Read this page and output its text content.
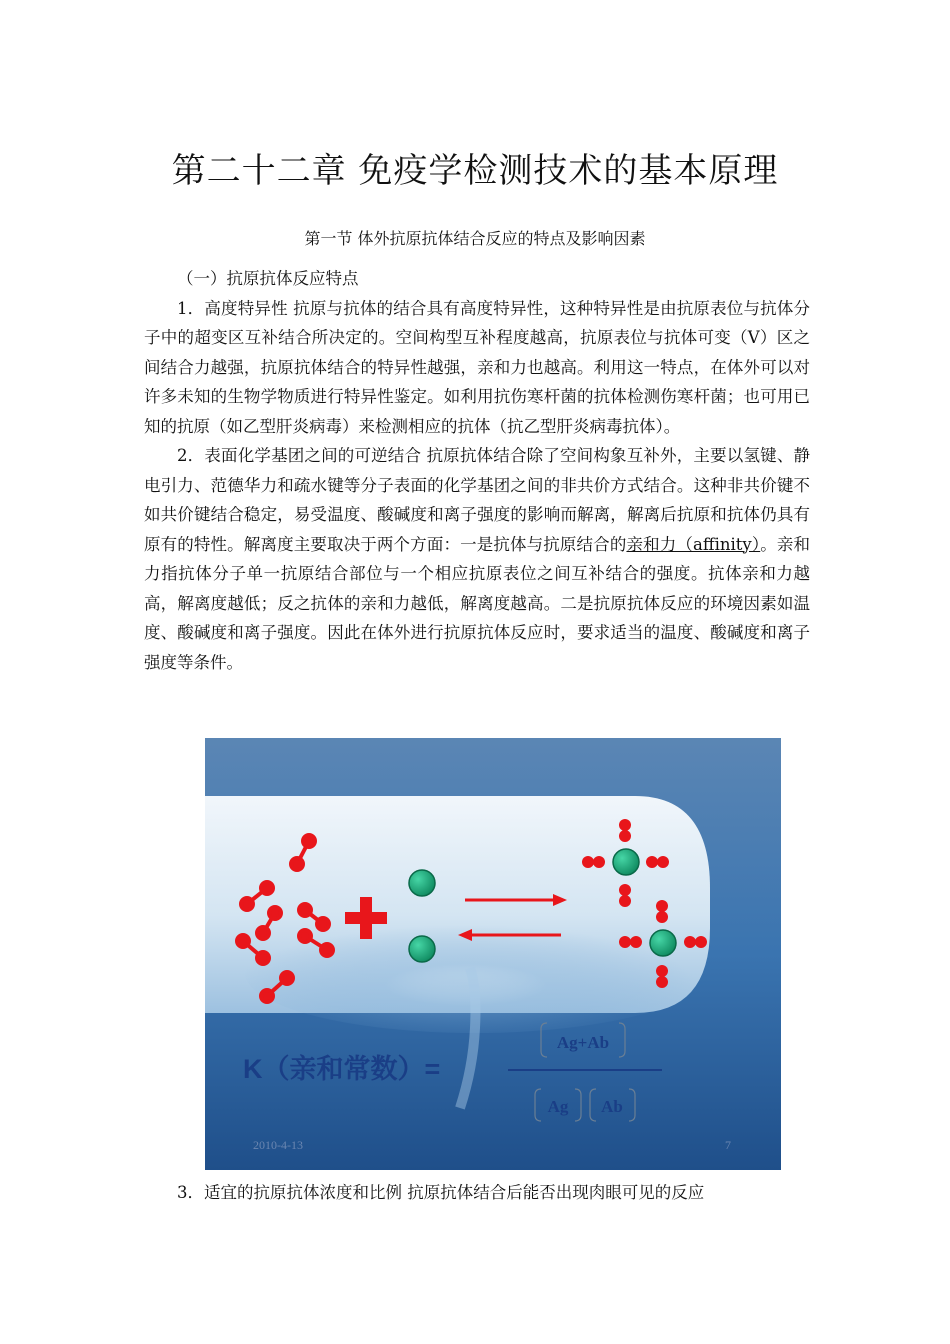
第二十二章 免疫学检测技术的基本原理
第一节 体外抗原抗体结合反应的特点及影响因素

（一）抗原抗体反应特点

1．高度特异性 抗原与抗体的结合具有高度特异性，这种特异性是由抗原表位与抗体分子中的超变区互补结合所决定的。空间构型互补程度越高，抗原表位与抗体可变（V）区之间结合力越强，抗原抗体结合的特异性越强，亲和力也越高。利用这一特点，在体外可以对许多未知的生物学物质进行特异性鉴定。如利用抗伤寒杆菌的抗体检测伤寒杆菌；也可用已知的抗原（如乙型肝炎病毒）来检测相应的抗体（抗乙型肝炎病毒抗体）。

2．表面化学基团之间的可逆结合 抗原抗体结合除了空间构象互补外，主要以氢键、静电引力、范德华力和疏水键等分子表面的化学基团之间的非共价方式结合。这种非共价键不如共价键结合稳定，易受温度、酸碱度和离子强度的影响而解离，解离后抗原和抗体仍具有原有的特性。解离度主要取决于两个方面：一是抗体与抗原结合的亲和力（affinity）。亲和力指抗体分子单一抗原结合部位与一个相应抗原表位之间互补结合的强度。抗体亲和力越高，解离度越低；反之抗体的亲和力越低，解离度越高。二是抗原抗体反应的环境因素如温度、酸碱度和离子强度。因此在体外进行抗原抗体反应时，要求适当的温度、酸碱度和离子强度等条件。

K（亲和常数）=
Ag+Ab
Ag Ab
2010-4-13	7

3．适宜的抗原抗体浓度和比例 抗原抗体结合后能否出现肉眼可见的反应
